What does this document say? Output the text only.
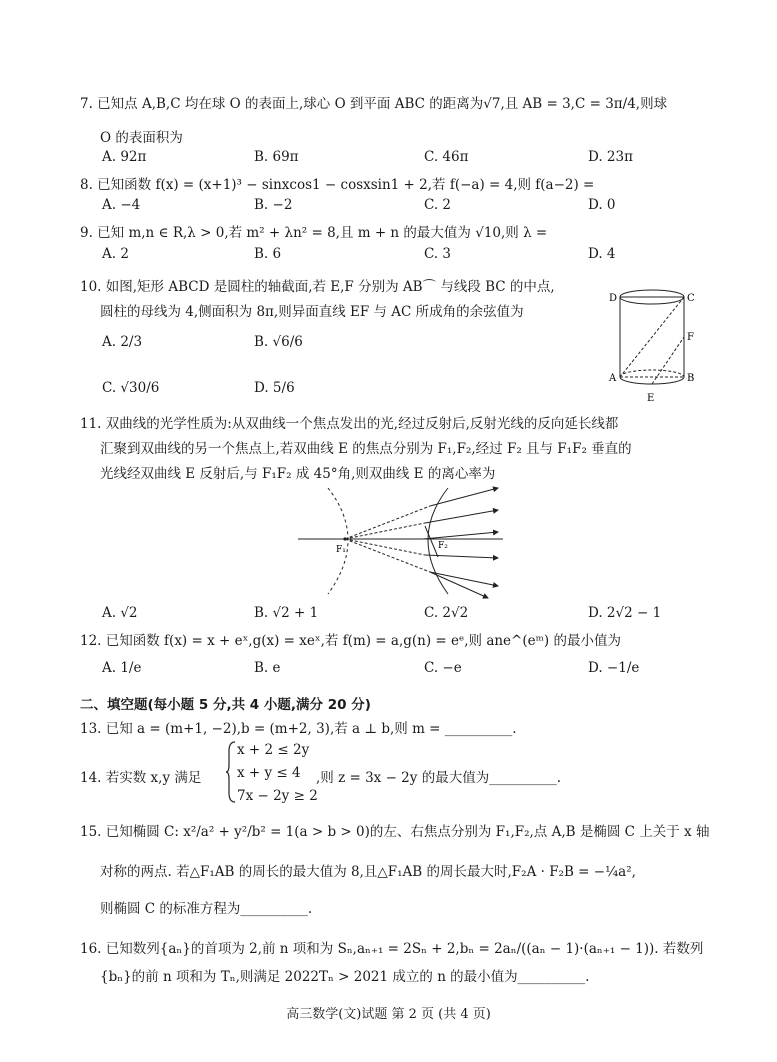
7. 已知点 A,B,C 均在球 O 的表面上,球心 O 到平面 ABC 的距离为√7,且 AB = 3,C = 3π/4,则球
O 的表面积为
A. 92π	B. 69π	C. 46π	D. 23π
8. 已知函数 f(x) = (x+1)³ − sinxcos1 − cosxsin1 + 2,若 f(−a) = 4,则 f(a−2) =
A. −4	B. −2	C. 2	D. 0
9. 已知 m,n ∈ R,λ > 0,若 m² + λn² = 8,且 m + n 的最大值为 √10,则 λ =
A. 2	B. 6	C. 3	D. 4
10. 如图,矩形 ABCD 是圆柱的轴截面,若 E,F 分别为 AB⌒ 与线段 BC 的中点,
圆柱的母线为 4,侧面积为 8π,则异面直线 EF 与 AC 所成角的余弦值为
A. 2/3	B. √6/6
C. √30/6	D. 5/6
D	C
F
A	B
E
11. 双曲线的光学性质为:从双曲线一个焦点发出的光,经过反射后,反射光线的反向延长线都
汇聚到双曲线的另一个焦点上,若双曲线 E 的焦点分别为 F₁,F₂,经过 F₂ 且与 F₁F₂ 垂直的
光线经双曲线 E 反射后,与 F₁F₂ 成 45°角,则双曲线 E 的离心率为
F₁	F₂
A. √2	B. √2 + 1	C. 2√2	D. 2√2 − 1
12. 已知函数 f(x) = x + eˣ,g(x) = xeˣ,若 f(m) = a,g(n) = eᵉ,则 ane^(eᵐ) 的最小值为
A. 1/e	B. e	C. −e	D. −1/e
二、填空题(每小题 5 分,共 4 小题,满分 20 分)
13. 已知 a = (m+1, −2),b = (m+2, 3),若 a ⊥ b,则 m = __________.
14. 若实数 x,y 满足
x + 2 ≤ 2y
x + y ≤ 4
7x − 2y ≥ 2
,则 z = 3x − 2y 的最大值为__________.
15. 已知椭圆 C: x²/a² + y²/b² = 1(a > b > 0)的左、右焦点分别为 F₁,F₂,点 A,B 是椭圆 C 上关于 x 轴
对称的两点. 若△F₁AB 的周长的最大值为 8,且△F₁AB 的周长最大时,F₂A · F₂B = −¼a²,
则椭圆 C 的标准方程为__________.
16. 已知数列{aₙ}的首项为 2,前 n 项和为 Sₙ,aₙ₊₁ = 2Sₙ + 2,bₙ = 2aₙ/((aₙ − 1)·(aₙ₊₁ − 1)). 若数列
{bₙ}的前 n 项和为 Tₙ,则满足 2022Tₙ > 2021 成立的 n 的最小值为__________.
高三数学(文)试题 第 2 页 (共 4 页)
